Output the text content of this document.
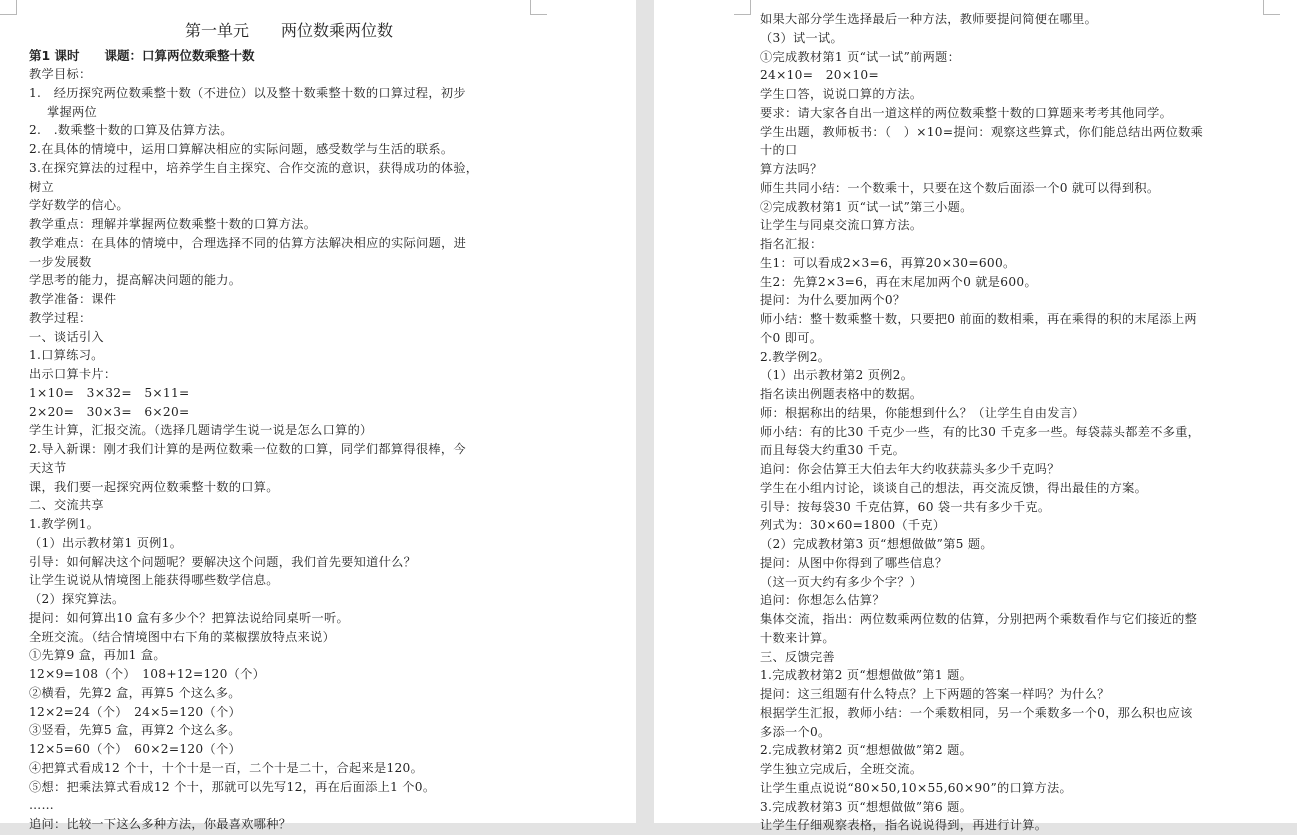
第一单元　　两位数乘两位数
第1 课时　　课题：口算两位数乘整十数
教学目标：
1.　经历探究两位数乘整十数（不进位）以及整十数乘整十数的口算过程，初步
掌握两位
2.　.数乘整十数的口算及估算方法。
2.在具体的情境中，运用口算解决相应的实际问题，感受数学与生活的联系。
3.在探究算法的过程中，培养学生自主探究、合作交流的意识，获得成功的体验，
树立
学好数学的信心。
教学重点：理解并掌握两位数乘整十数的口算方法。
教学难点：在具体的情境中，合理选择不同的估算方法解决相应的实际问题，进
一步发展数
学思考的能力，提高解决问题的能力。
教学准备：课件
教学过程：
一、谈话引入
1.口算练习。
出示口算卡片：
1×10=　3×32=　5×11=
2×20=　30×3=　6×20=
学生计算，汇报交流。（选择几题请学生说一说是怎么口算的）
2.导入新课：刚才我们计算的是两位数乘一位数的口算，同学们都算得很棒，今
天这节
课，我们要一起探究两位数乘整十数的口算。
二、交流共享
1.教学例1。
（1）出示教材第1 页例1。
引导：如何解决这个问题呢？要解决这个问题，我们首先要知道什么？
让学生说说从情境图上能获得哪些数学信息。
（2）探究算法。
提问：如何算出10 盒有多少个？把算法说给同桌听一听。
全班交流。（结合情境图中右下角的菜椒摆放特点来说）
①先算9 盒，再加1 盒。
12×9=108（个）　108+12=120（个）
②横看，先算2 盒，再算5 个这么多。
12×2=24（个）　24×5=120（个）
③竖看，先算5 盒，再算2 个这么多。
12×5=60（个）　60×2=120（个）
④把算式看成12 个十，十个十是一百，二个十是二十，合起来是120。
⑤想：把乘法算式看成12 个十，那就可以先写12，再在后面添上1 个0。
……
追问：比较一下这么多种方法，你最喜欢哪种？
如果大部分学生选择最后一种方法，教师要提问简便在哪里。
（3）试一试。
①完成教材第1 页“试一试”前两题：
24×10=　20×10=
学生口答，说说口算的方法。
要求：请大家各自出一道这样的两位数乘整十数的口算题来考考其他同学。
学生出题，教师板书：（　）×10=提问：观察这些算式，你们能总结出两位数乘
十的口
算方法吗？
师生共同小结：一个数乘十，只要在这个数后面添一个0 就可以得到积。
②完成教材第1 页“试一试”第三小题。
让学生与同桌交流口算方法。
指名汇报：
生1：可以看成2×3=6，再算20×30=600。
生2：先算2×3=6，再在末尾加两个0 就是600。
提问：为什么要加两个0？
师小结：整十数乘整十数，只要把0 前面的数相乘，再在乘得的积的末尾添上两
个0 即可。
2.教学例2。
（1）出示教材第2 页例2。
指名读出例题表格中的数据。
师：根据称出的结果，你能想到什么？（让学生自由发言）
师小结：有的比30 千克少一些，有的比30 千克多一些。每袋蒜头都差不多重，
而且每袋大约重30 千克。
追问：你会估算王大伯去年大约收获蒜头多少千克吗？
学生在小组内讨论，谈谈自己的想法，再交流反馈，得出最佳的方案。
引导：按每袋30 千克估算，60 袋一共有多少千克。
列式为：30×60=1800（千克）
（2）完成教材第3 页“想想做做”第5 题。
提问：从图中你得到了哪些信息？
（这一页大约有多少个字？）
追问：你想怎么估算？
集体交流，指出：两位数乘两位数的估算，分别把两个乘数看作与它们接近的整
十数来计算。
三、反馈完善
1.完成教材第2 页“想想做做”第1 题。
提问：这三组题有什么特点？上下两题的答案一样吗？为什么？
根据学生汇报，教师小结：一个乘数相同，另一个乘数多一个0，那么积也应该
多添一个0。
2.完成教材第2 页“想想做做”第2 题。
学生独立完成后，全班交流。
让学生重点说说“80×50,10×55,60×90”的口算方法。
3.完成教材第3 页“想想做做”第6 题。
让学生仔细观察表格，指名说说得到，再进行计算。
